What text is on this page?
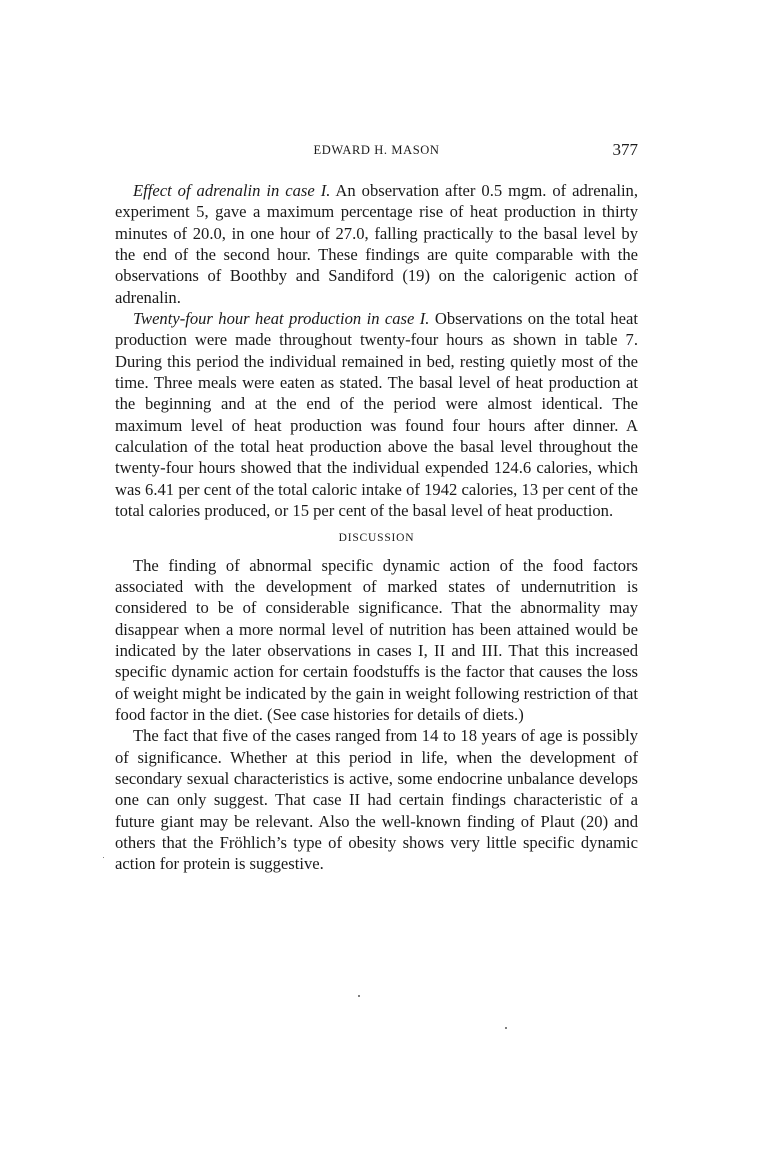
EDWARD H. MASON	377

Effect of adrenalin in case I. An observation after 0.5 mgm. of adrenalin, experiment 5, gave a maximum percentage rise of heat production in thirty minutes of 20.0, in one hour of 27.0, falling practically to the basal level by the end of the second hour. These findings are quite comparable with the observations of Boothby and Sandiford (19) on the calorigenic action of adrenalin.

Twenty-four hour heat production in case I. Observations on the total heat production were made throughout twenty-four hours as shown in table 7. During this period the individual remained in bed, resting quietly most of the time. Three meals were eaten as stated. The basal level of heat production at the beginning and at the end of the period were almost identical. The maximum level of heat production was found four hours after dinner. A calculation of the total heat production above the basal level throughout the twenty-four hours showed that the individual expended 124.6 calories, which was 6.41 per cent of the total caloric intake of 1942 calories, 13 per cent of the total calories produced, or 15 per cent of the basal level of heat production.

DISCUSSION

The finding of abnormal specific dynamic action of the food factors associated with the development of marked states of undernutrition is considered to be of considerable significance. That the abnormality may disappear when a more normal level of nutrition has been attained would be indicated by the later observations in cases I, II and III. That this increased specific dynamic action for certain foodstuffs is the factor that causes the loss of weight might be indicated by the gain in weight following restriction of that food factor in the diet. (See case histories for details of diets.)

The fact that five of the cases ranged from 14 to 18 years of age is possibly of significance. Whether at this period in life, when the development of secondary sexual characteristics is active, some endocrine unbalance develops one can only suggest. That case II had certain findings characteristic of a future giant may be relevant. Also the well-known finding of Plaut (20) and others that the Fröhlich’s type of obesity shows very little specific dynamic action for protein is suggestive.
